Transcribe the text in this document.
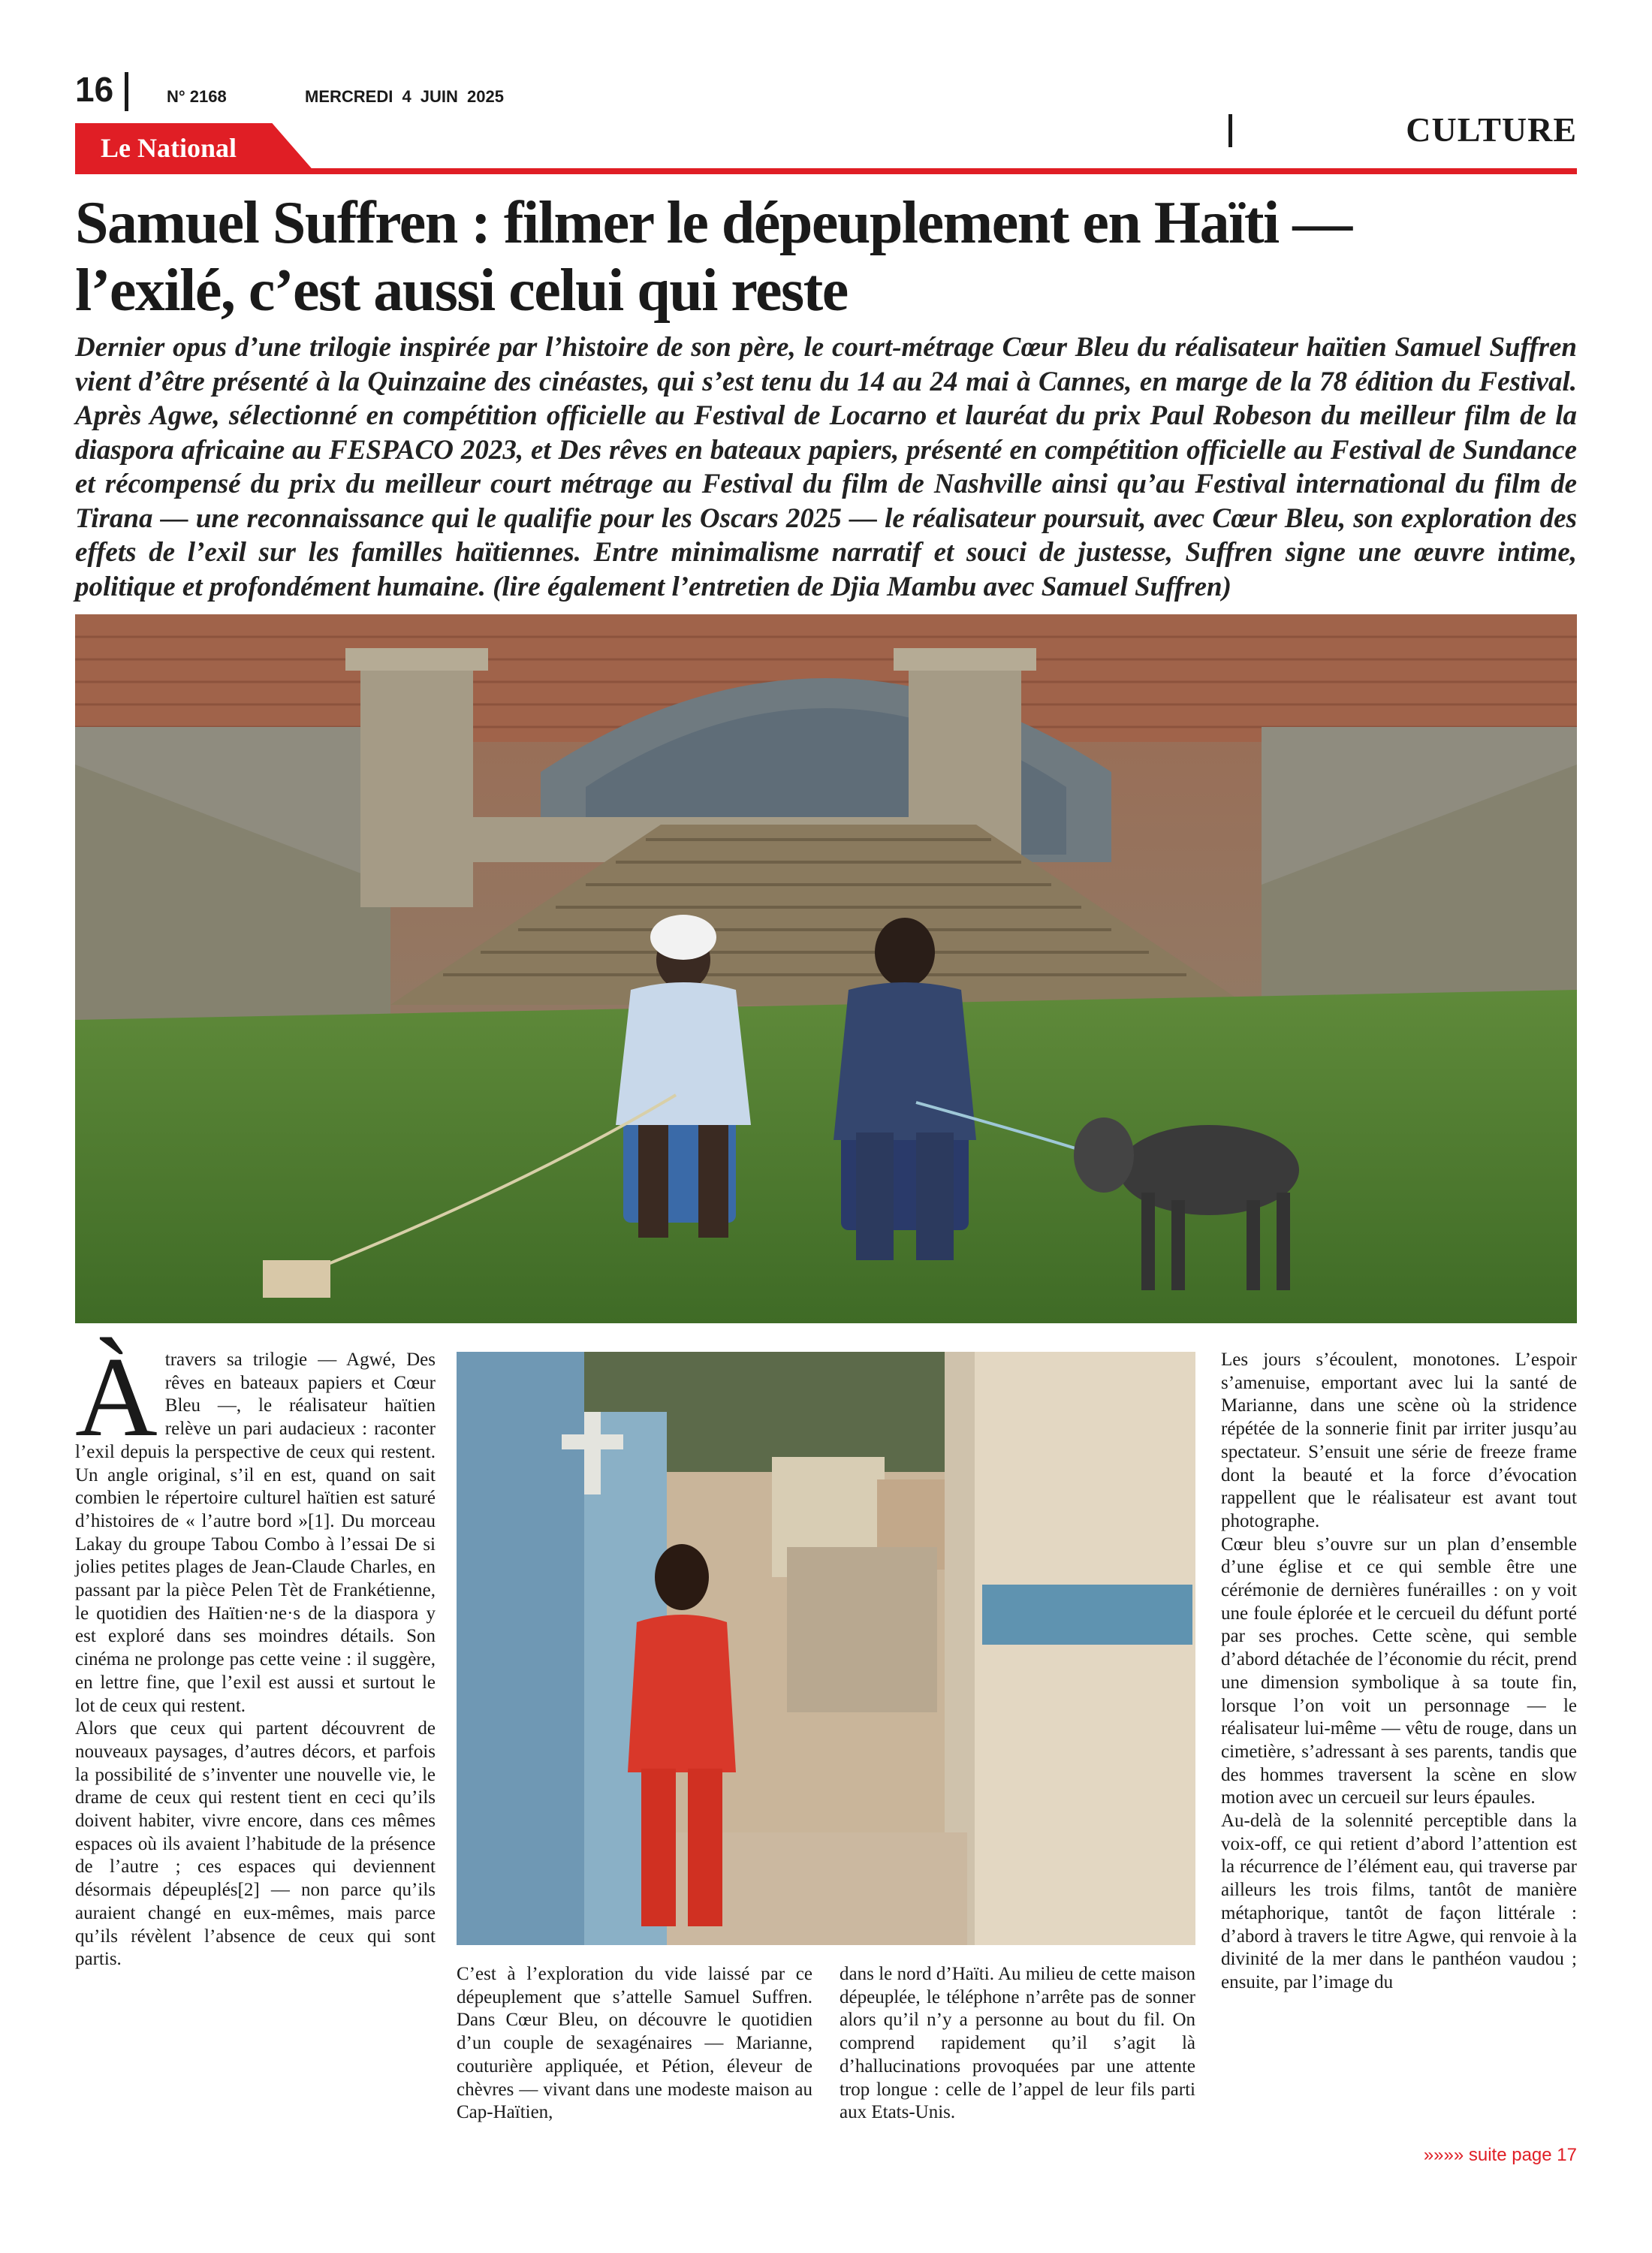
16	N° 2168	MERCREDI 4 JUIN 2025
CULTURE
Le National
Samuel Suffren : filmer le dépeuplement en Haïti —
l’exilé, c’est aussi celui qui reste
Dernier opus d’une trilogie inspirée par l’histoire de son père, le court-métrage Cœur Bleu du réalisateur haïtien Samuel Suffren vient d’être présenté à la Quinzaine des cinéastes, qui s’est tenu du 14 au 24 mai à Cannes, en marge de la 78 édition du Festival. Après Agwe, sélectionné en compétition officielle au Festival de Locarno et lauréat du prix Paul Robeson du meilleur film de la diaspora africaine au FESPACO 2023, et Des rêves en bateaux papiers, présenté en compétition officielle au Festival de Sundance et récompensé du prix du meilleur court métrage au Festival du film de Nashville ainsi qu’au Festival international du film de Tirana — une reconnaissance qui le qualifie pour les Oscars 2025 — le réalisateur poursuit, avec Cœur Bleu, son exploration des effets de l’exil sur les familles haïtiennes. Entre minimalisme narratif et souci de justesse, Suffren signe une œuvre intime, politique et profondément humaine. (lire également l’entretien de Djia Mambu avec Samuel Suffren)
À travers sa trilogie — Agwé, Des rêves en bateaux papiers et Cœur Bleu —, le réalisateur haïtien relève un pari audacieux : raconter l’exil depuis la perspective de ceux qui restent. Un angle original, s’il en est, quand on sait combien le répertoire culturel haïtien est saturé d’histoires de « l’autre bord »[1]. Du morceau Lakay du groupe Tabou Combo à l’essai De si jolies petites plages de Jean-Claude Charles, en passant par la pièce Pelen Tèt de Frankétienne, le quotidien des Haïtien·ne·s de la diaspora y est exploré dans ses moindres détails. Son cinéma ne prolonge pas cette veine : il suggère, en lettre fine, que l’exil est aussi et surtout le lot de ceux qui restent.

Alors que ceux qui partent découvrent de nouveaux paysages, d’autres décors, et parfois la possibilité de s’inventer une nouvelle vie, le drame de ceux qui restent tient en ceci qu’ils doivent habiter, vivre encore, dans ces mêmes espaces où ils avaient l’habitude de la présence de l’autre ; ces espaces qui deviennent désormais dépeuplés[2] — non parce qu’ils auraient changé en eux-mêmes, mais parce qu’ils révèlent l’absence de ceux qui sont partis.

C’est à l’exploration du vide laissé par ce dépeuplement que s’attelle Samuel Suffren. Dans Cœur Bleu, on découvre le quotidien d’un couple de sexagénaires — Marianne, couturière appliquée, et Pétion, éleveur de chèvres — vivant dans une modeste maison au Cap-Haïtien,

dans le nord d’Haïti. Au milieu de cette maison dépeuplée, le téléphone n’arrête pas de sonner alors qu’il n’y a personne au bout du fil. On comprend rapidement qu’il s’agit là d’hallucinations provoquées par une attente trop longue : celle de l’appel de leur fils parti aux Etats-Unis.

Les jours s’écoulent, monotones. L’espoir s’amenuise, emportant avec lui la santé de Marianne, dans une scène où la stridence répétée de la sonnerie finit par irriter jusqu’au spectateur. S’ensuit une série de freeze frame dont la beauté et la force d’évocation rappellent que le réalisateur est avant tout photographe.

Cœur bleu s’ouvre sur un plan d’ensemble d’une église et ce qui semble être une cérémonie de dernières funérailles : on y voit une foule éplorée et le cercueil du défunt porté par ses proches. Cette scène, qui semble d’abord détachée de l’économie du récit, prend une dimension symbolique à sa toute fin, lorsque l’on voit un personnage — le réalisateur lui-même — vêtu de rouge, dans un cimetière, s’adressant à ses parents, tandis que des hommes traversent la scène en slow motion avec un cercueil sur leurs épaules.

Au-delà de la solennité perceptible dans la voix-off, ce qui retient d’abord l’attention est la récurrence de l’élément eau, qui traverse par ailleurs les trois films, tantôt de manière métaphorique, tantôt de façon littérale : d’abord à travers le titre Agwe, qui renvoie à la divinité de la mer dans le panthéon vaudou ; ensuite, par l’image du

»»»» suite page 17
